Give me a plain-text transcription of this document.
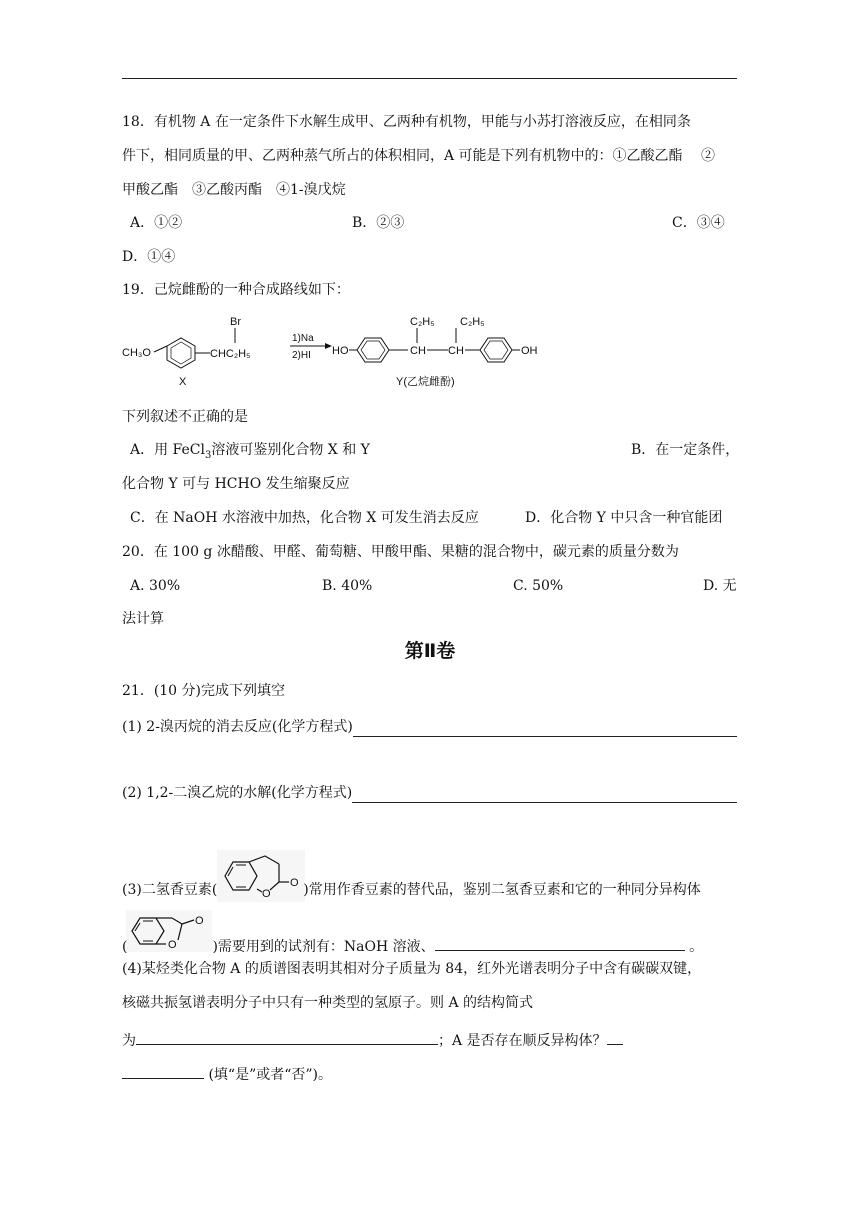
18．有机物 A 在一定条件下水解生成甲、乙两种有机物，甲能与小苏打溶液反应，在相同条
件下，相同质量的甲、乙两种蒸气所占的体积相同，A 可能是下列有机物中的：①乙酸乙酯　 ②
甲酸乙酯　③乙酸丙酯　④1-溴戊烷
A．①②	B．②③	C．③④
D．①④
19．己烷雌酚的一种合成路线如下：
CH₃O
Br
CHC₂H₅
X
1)Na
2)HI HO
C₂H₅
CH
C₂H₅
CH	OH
Y(乙烷雌酚)
下列叙述不正确的是
A．用 FeCl$_3$溶液可鉴别化合物 X 和 Y	B．在一定条件，
化合物 Y 可与 HCHO 发生缩聚反应
C．在 NaOH 水溶液中加热，化合物 X 可发生消去反应	D．化合物 Y 中只含一种官能团
20．在 100 g 冰醋酸、甲醛、葡萄糖、甲酸甲酯、果糖的混合物中，碳元素的质量分数为
A. 30%	B. 40%	C. 50%	D. 无
法计算
第Ⅱ卷
21．(10 分)完成下列填空
(1) 2-溴丙烷的消去反应(化学方程式)
(2) 1,2-二溴乙烷的水解(化学方程式)
O
O
(3)二氢香豆素(	)常用作香豆素的替代品，鉴别二氢香豆素和它的一种同分异构体
O
O
(	)需要用到的试剂有：NaOH 溶液、	。
(4)某烃类化合物 A 的质谱图表明其相对分子质量为 84，红外光谱表明分子中含有碳碳双键，
核磁共振氢谱表明分子中只有一种类型的氢原子。则 A 的结构简式
为	；A 是否存在顺反异构体？
(填“是”或者“否”)。
